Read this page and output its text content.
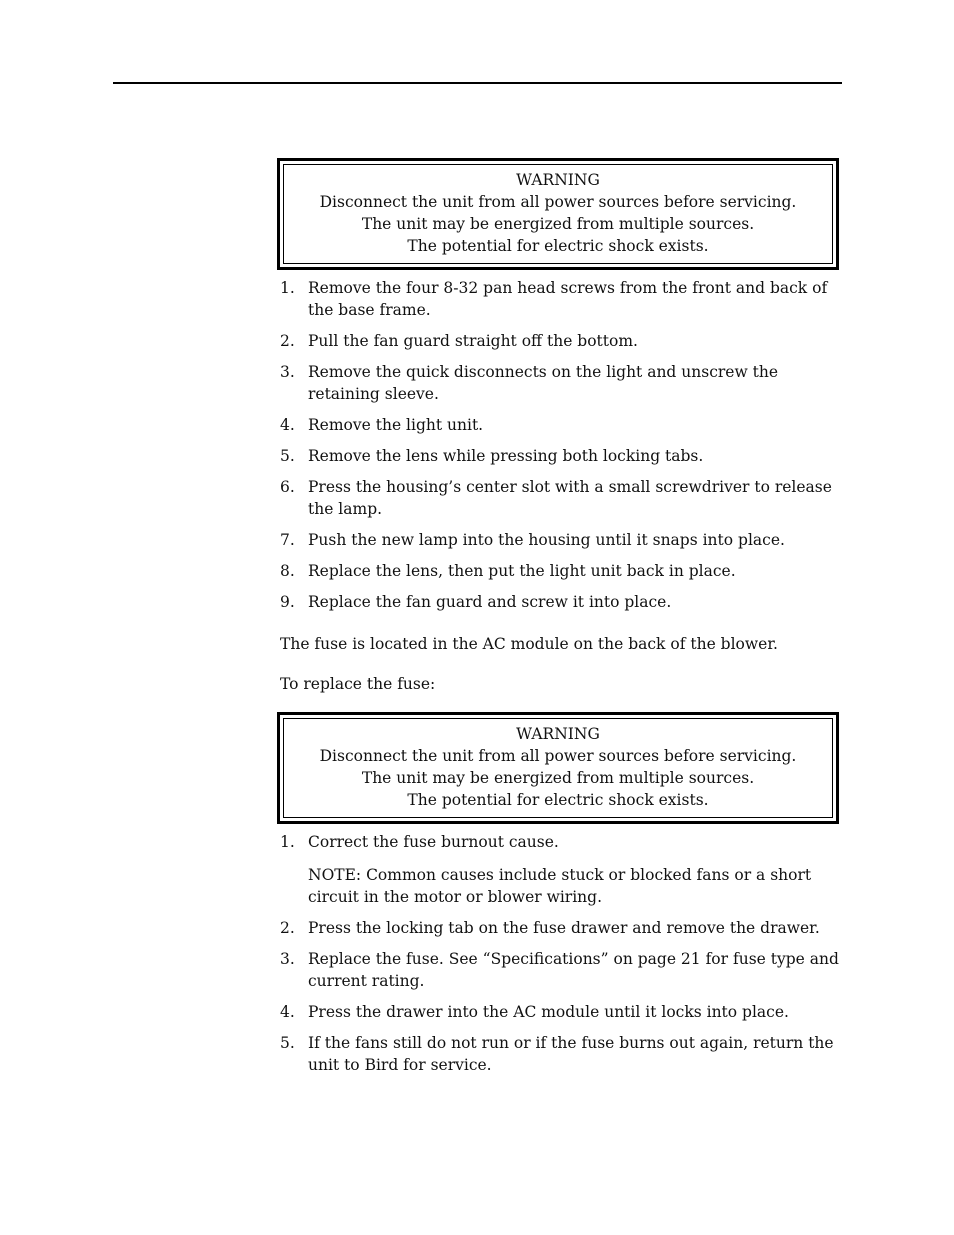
WARNING
Disconnect the unit from all power sources before servicing.
The unit may be energized from multiple sources.
The potential for electric shock exists.
1. Remove the four 8-32 pan head screws from the front and back of the base frame.
2. Pull the fan guard straight off the bottom.
3. Remove the quick disconnects on the light and unscrew the retaining sleeve.
4. Remove the light unit.
5. Remove the lens while pressing both locking tabs.
6. Press the housing’s center slot with a small screwdriver to release the lamp.
7. Push the new lamp into the housing until it snaps into place.
8. Replace the lens, then put the light unit back in place.
9. Replace the fan guard and screw it into place.

The fuse is located in the AC module on the back of the blower.

To replace the fuse:

WARNING
Disconnect the unit from all power sources before servicing.
The unit may be energized from multiple sources.
The potential for electric shock exists.
1. Correct the fuse burnout cause.
NOTE: Common causes include stuck or blocked fans or a short circuit in the motor or blower wiring.
2. Press the locking tab on the fuse drawer and remove the drawer.
3. Replace the fuse. See “Specifications” on page 21 for fuse type and current rating.
4. Press the drawer into the AC module until it locks into place.
5. If the fans still do not run or if the fuse burns out again, return the unit to Bird for service.
